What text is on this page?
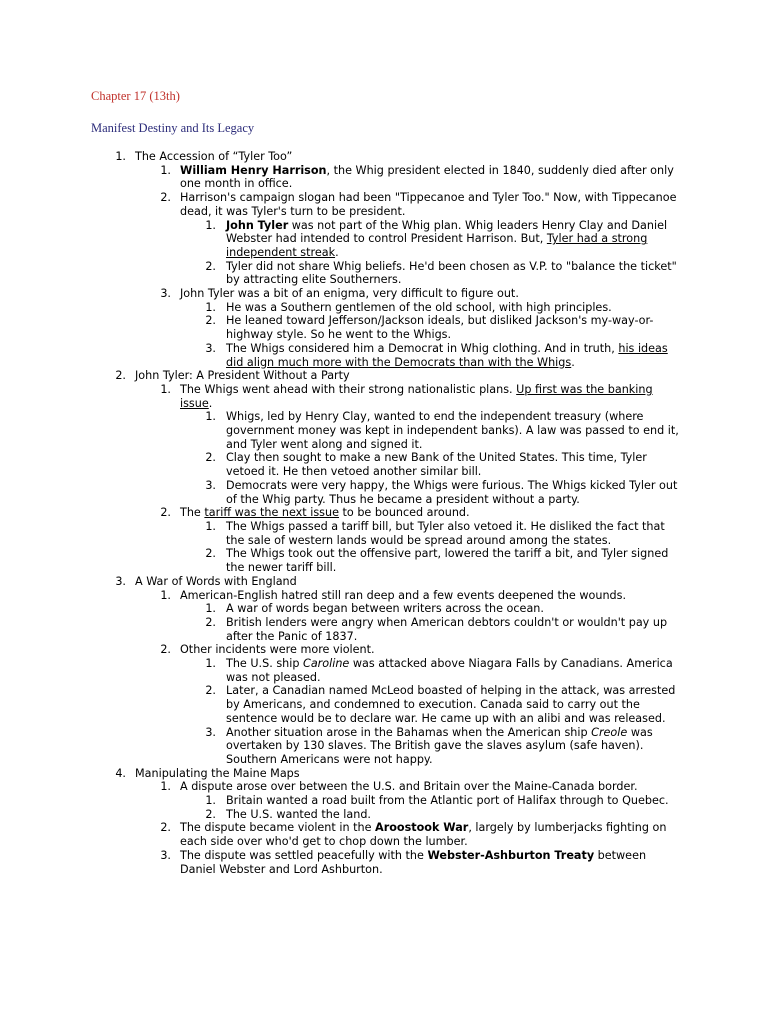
Chapter 17 (13th)
Manifest Destiny and Its Legacy
1. The Accession of “Tyler Too”
1. William Henry Harrison, the Whig president elected in 1840, suddenly died after only one month in office.
2. Harrison's campaign slogan had been "Tippecanoe and Tyler Too." Now, with Tippecanoe dead, it was Tyler's turn to be president.
1. John Tyler was not part of the Whig plan. Whig leaders Henry Clay and Daniel Webster had intended to control President Harrison. But, Tyler had a strong independent streak.
2. Tyler did not share Whig beliefs. He'd been chosen as V.P. to "balance the ticket" by attracting elite Southerners.
3. John Tyler was a bit of an enigma, very difficult to figure out.
1. He was a Southern gentlemen of the old school, with high principles.
2. He leaned toward Jefferson/Jackson ideals, but disliked Jackson's my-way-or-highway style. So he went to the Whigs.
3. The Whigs considered him a Democrat in Whig clothing. And in truth, his ideas did align much more with the Democrats than with the Whigs.
2. John Tyler: A President Without a Party
1. The Whigs went ahead with their strong nationalistic plans. Up first was the banking issue.
1. Whigs, led by Henry Clay, wanted to end the independent treasury (where government money was kept in independent banks). A law was passed to end it, and Tyler went along and signed it.
2. Clay then sought to make a new Bank of the United States. This time, Tyler vetoed it. He then vetoed another similar bill.
3. Democrats were very happy, the Whigs were furious. The Whigs kicked Tyler out of the Whig party. Thus he became a president without a party.
2. The tariff was the next issue to be bounced around.
1. The Whigs passed a tariff bill, but Tyler also vetoed it. He disliked the fact that the sale of western lands would be spread around among the states.
2. The Whigs took out the offensive part, lowered the tariff a bit, and Tyler signed the newer tariff bill.
3. A War of Words with England
1. American-English hatred still ran deep and a few events deepened the wounds.
1. A war of words began between writers across the ocean.
2. British lenders were angry when American debtors couldn't or wouldn't pay up after the Panic of 1837.
2. Other incidents were more violent.
1. The U.S. ship Caroline was attacked above Niagara Falls by Canadians. America was not pleased.
2. Later, a Canadian named McLeod boasted of helping in the attack, was arrested by Americans, and condemned to execution. Canada said to carry out the sentence would be to declare war. He came up with an alibi and was released.
3. Another situation arose in the Bahamas when the American ship Creole was overtaken by 130 slaves. The British gave the slaves asylum (safe haven). Southern Americans were not happy.
4. Manipulating the Maine Maps
1. A dispute arose over between the U.S. and Britain over the Maine-Canada border.
1. Britain wanted a road built from the Atlantic port of Halifax through to Quebec.
2. The U.S. wanted the land.
2. The dispute became violent in the Aroostook War, largely by lumberjacks fighting on each side over who'd get to chop down the lumber.
3. The dispute was settled peacefully with the Webster-Ashburton Treaty between Daniel Webster and Lord Ashburton.
